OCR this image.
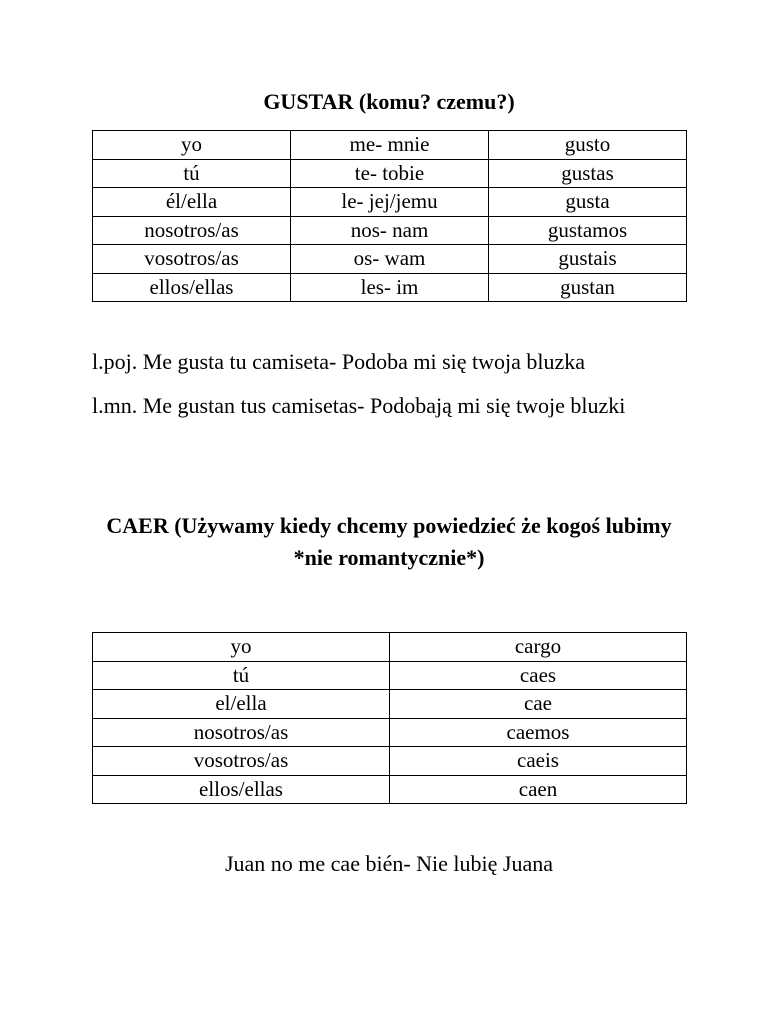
GUSTAR (komu? czemu?)
yo	me- mnie	gusto
tú	te- tobie	gustas
él/ella	le- jej/jemu	gusta
nosotros/as	nos- nam	gustamos
vosotros/as	os- wam	gustais
ellos/ellas	les- im	gustan

l.poj. Me gusta tu camiseta- Podoba mi się twoja bluzka

l.mn. Me gustan tus camisetas- Podobają mi się twoje bluzki

CAER (Używamy kiedy chcemy powiedzieć że kogoś lubimy *nie romantycznie*)
yo	cargo
tú	caes
el/ella	cae
nosotros/as	caemos
vosotros/as	caeis
ellos/ellas	caen

Juan no me cae bién- Nie lubię Juana
